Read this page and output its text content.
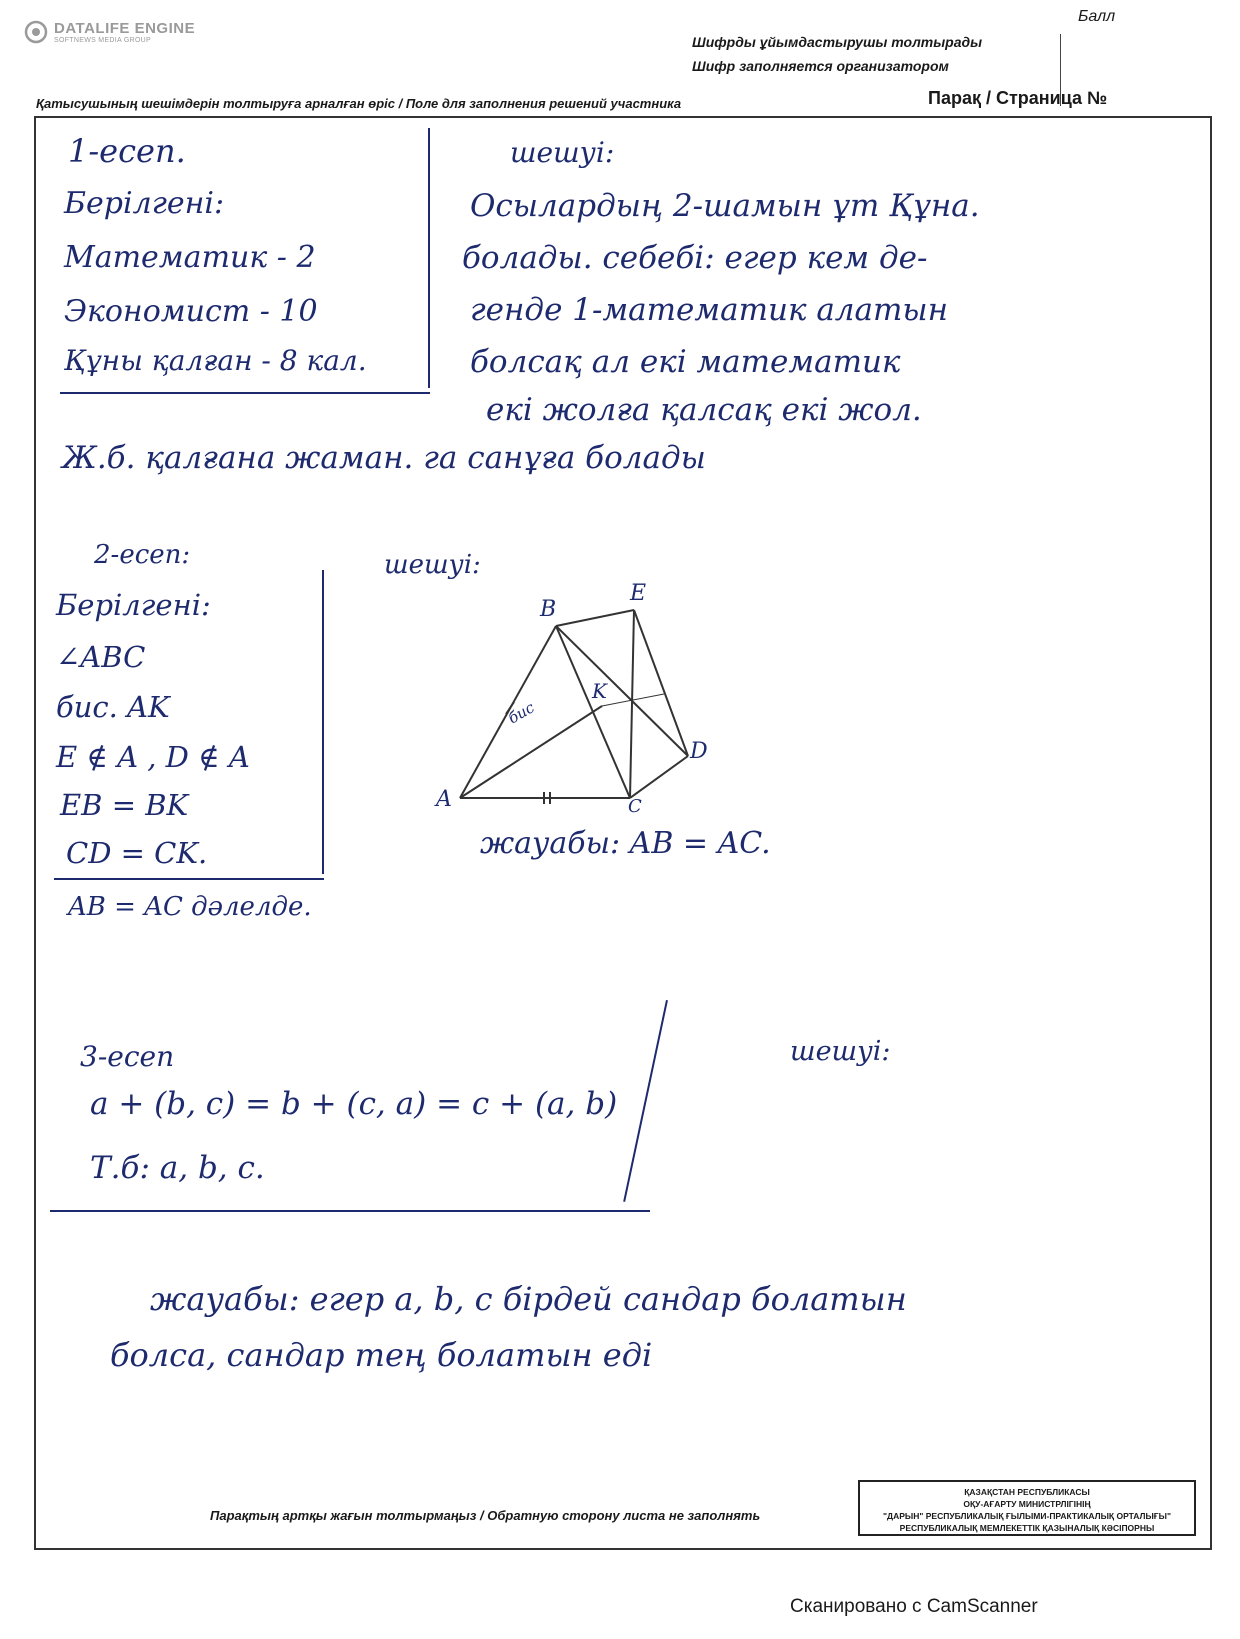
DATALIFE ENGINE
SOFTNEWS MEDIA GROUP
Балл
Шифрды ұйымдастырушы толтырады
Шифр заполняется организатором
Қатысушының шешімдерін толтыруға арналған өріс / Поле для заполнения решений участника	Парақ / Страница №
1-есеп.
Берілгені:
Математик - 2
Экономист - 10
Құны қалған - 8 кал.
шешуі:
Осылардың 2-шамын ұт Құна.
болады. себебі: егер кем де-
гендe 1-математик алатын
болсақ ал екі математик
екі жолға қалсақ екі жол.
Ж.б. қалғана жаман. га санұға болады
2-есеп:
Берілгені:
∠ABC
бис. AK
E ∉ A , D ∉ A
EB = BK
CD = CK.
AB = AC дәлелде.
шешуі:
A
B
C
E
D
K
бис
жауабы: AB = AC.
3-есеп
a + (b, c) = b + (c, a) = c + (a, b)
Т.б: a, b, c.
шешуі:
жауабы: егер a, b, c бірдей сандар болатын
болса, сандар тең болатын еді
Парақтың артқы жағын толтырмаңыз / Обратную сторону листа не заполнять
ҚАЗАҚСТАН РЕСПУБЛИКАСЫ
ОҚУ-АҒАРТУ МИНИСТРЛІГІНІҢ
"ДАРЫН" РЕСПУБЛИКАЛЫҚ ҒЫЛЫМИ-ПРАКТИКАЛЫҚ ОРТАЛЫҒЫ"
РЕСПУБЛИКАЛЫҚ МЕМЛЕКЕТТІК ҚАЗЫНАЛЫҚ КӘСІПОРНЫ
Сканировано с CamScanner
